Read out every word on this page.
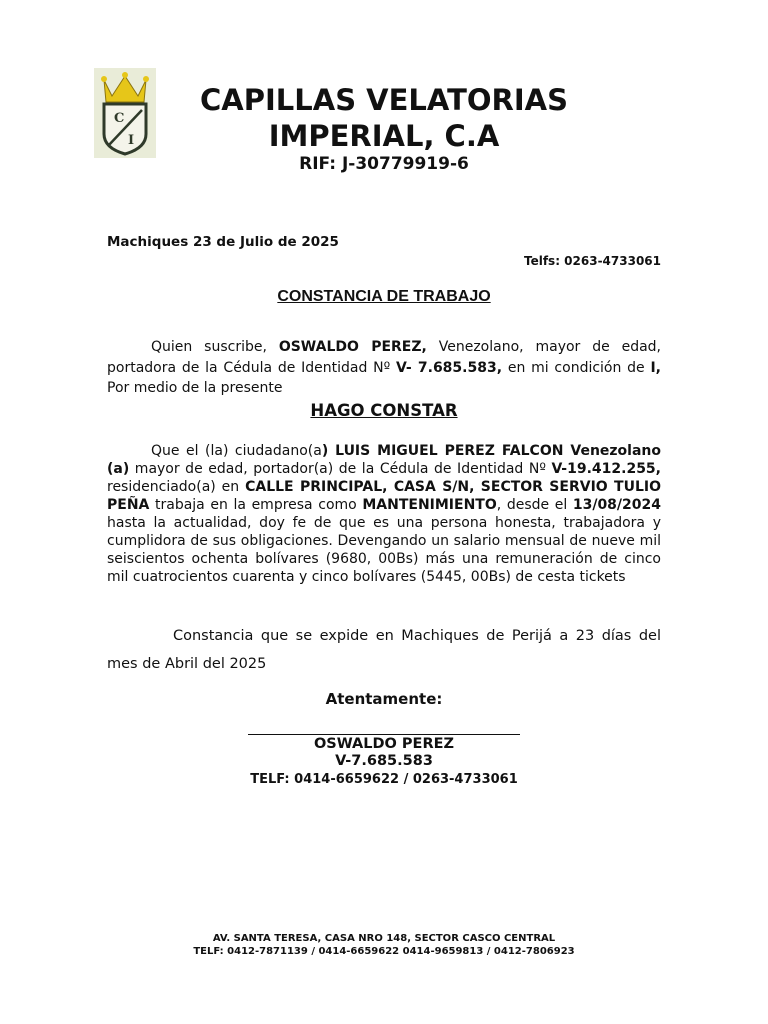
C
I
CAPILLAS VELATORIAS
IMPERIAL, C.A
RIF: J-30779919-6
Machiques 23 de Julio de 2025
Telfs: 0263-4733061
CONSTANCIA DE TRABAJO
Quien suscribe, OSWALDO PEREZ, Venezolano, mayor de edad, portadora de la Cédula de Identidad Nº V- 7.685.583, en mi condición de I, Por medio de la presente
HAGO CONSTAR
Que el (la) ciudadano(a) LUIS MIGUEL PEREZ FALCON Venezolano (a) mayor de edad, portador(a) de la Cédula de Identidad Nº V-19.412.255, residenciado(a) en CALLE PRINCIPAL, CASA S/N, SECTOR SERVIO TULIO PEÑA trabaja en la empresa como MANTENIMIENTO, desde el 13/08/2024 hasta la actualidad, doy fe de que es una persona honesta, trabajadora y cumplidora de sus obligaciones. Devengando un salario mensual de nueve mil seiscientos ochenta bolívares (9680, 00Bs) más una remuneración de cinco mil cuatrocientos cuarenta y cinco bolívares (5445, 00Bs) de cesta tickets
Constancia que se expide en Machiques de Perijá a 23 días del mes de Abril del 2025
Atentamente:
OSWALDO PEREZ
V-7.685.583
TELF: 0414-6659622 / 0263-4733061
AV. SANTA TERESA, CASA NRO 148, SECTOR CASCO CENTRAL
TELF: 0412-7871139 / 0414-6659622 0414-9659813 / 0412-7806923
